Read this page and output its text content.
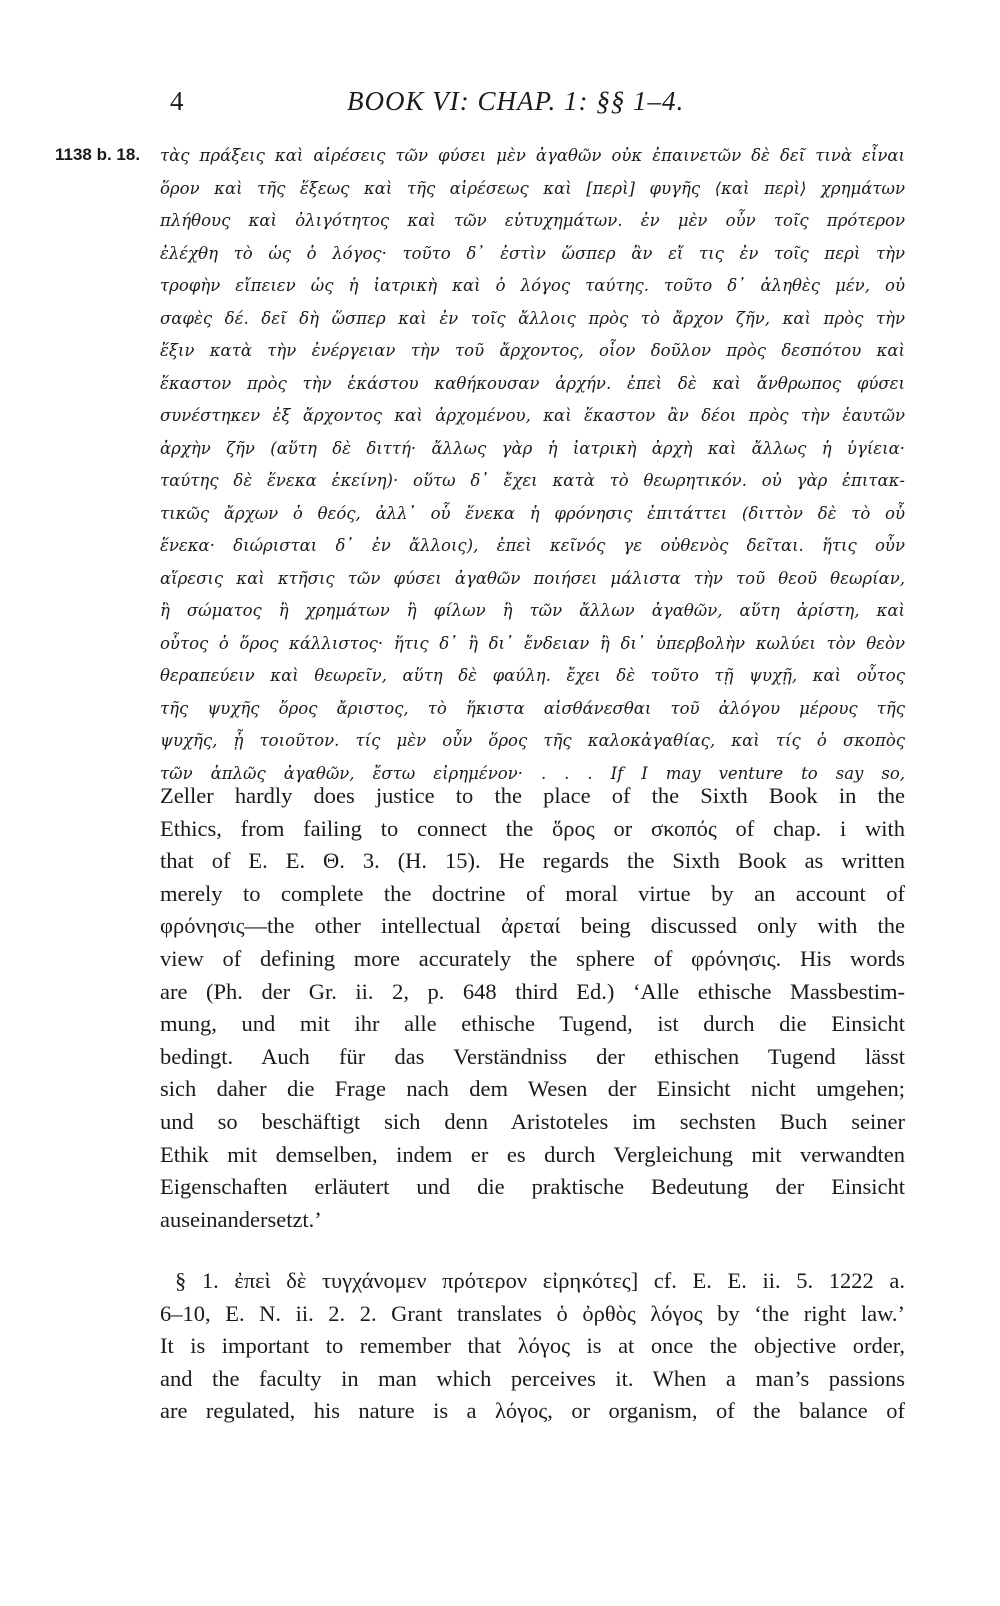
4	BOOK VI: CHAP. 1: §§ 1–4.
1138 b. 18. τὰς πράξεις καὶ αἱρέσεις τῶν φύσει μὲν ἀγαθῶν οὐκ ἐπαινετῶν δὲ δεῖ τινὰ εἶναι
ὅρον καὶ τῆς ἕξεως καὶ τῆς αἱρέσεως καὶ [περὶ] φυγῆς ⟨καὶ περὶ⟩ χρημάτων
πλήθους καὶ ὀλιγότητος καὶ τῶν εὐτυχημάτων. ἐν μὲν οὖν τοῖς πρότερον
ἐλέχθη τὸ ὡς ὁ λόγος· τοῦτο δ᾽ ἐστὶν ὥσπερ ἂν εἴ τις ἐν τοῖς περὶ τὴν
τροφὴν εἴπειεν ὡς ἡ ἰατρικὴ καὶ ὁ λόγος ταύτης. τοῦτο δ᾽ ἀληθὲς μέν, οὐ
σαφὲς δέ. δεῖ δὴ ὥσπερ καὶ ἐν τοῖς ἄλλοις πρὸς τὸ ἄρχον ζῆν, καὶ πρὸς τὴν
ἕξιν κατὰ τὴν ἐνέργειαν τὴν τοῦ ἄρχοντος, οἷον δοῦλον πρὸς δεσπότου καὶ
ἕκαστον πρὸς τὴν ἑκάστου καθήκουσαν ἀρχήν. ἐπεὶ δὲ καὶ ἄνθρωπος φύσει
συνέστηκεν ἐξ ἄρχοντος καὶ ἀρχομένου, καὶ ἕκαστον ἂν δέοι πρὸς τὴν ἑαυτῶν
ἀρχὴν ζῆν (αὕτη δὲ διττή· ἄλλως γὰρ ἡ ἰατρικὴ ἀρχὴ καὶ ἄλλως ἡ ὑγίεια·
ταύτης δὲ ἕνεκα ἐκείνη)· οὕτω δ᾽ ἔχει κατὰ τὸ θεωρητικόν. οὐ γὰρ ἐπιτακ-
τικῶς ἄρχων ὁ θεός, ἀλλ᾽ οὗ ἕνεκα ἡ φρόνησις ἐπιτάττει (διττὸν δὲ τὸ οὗ
ἕνεκα· διώρισται δ᾽ ἐν ἄλλοις), ἐπεὶ κεῖνός γε οὐθενὸς δεῖται. ἥτις οὖν
αἵρεσις καὶ κτῆσις τῶν φύσει ἀγαθῶν ποιήσει μάλιστα τὴν τοῦ θεοῦ θεωρίαν,
ἢ σώματος ἢ χρημάτων ἢ φίλων ἢ τῶν ἄλλων ἀγαθῶν, αὕτη ἀρίστη, καὶ
οὗτος ὁ ὅρος κάλλιστος· ἥτις δ᾽ ἢ δι᾽ ἔνδειαν ἢ δι᾽ ὑπερβολὴν κωλύει τὸν θεὸν
θεραπεύειν καὶ θεωρεῖν, αὕτη δὲ φαύλη. ἔχει δὲ τοῦτο τῇ ψυχῇ, καὶ οὗτος
τῆς ψυχῆς ὅρος ἄριστος, τὸ ἥκιστα αἰσθάνεσθαι τοῦ ἀλόγου μέρους τῆς
ψυχῆς, ᾗ τοιοῦτον. τίς μὲν οὖν ὅρος τῆς καλοκἀγαθίας, καὶ τίς ὁ σκοπὸς
τῶν ἁπλῶς ἀγαθῶν, ἔστω εἰρημένον· . . . If I may venture to say so,
Zeller hardly does justice to the place of the Sixth Book in the
Ethics, from failing to connect the ὅρος or σκοπός of chap. i with
that of E. E. Θ. 3. (H. 15). He regards the Sixth Book as written
merely to complete the doctrine of moral virtue by an account of
φρόνησις—the other intellectual ἀρεταί being discussed only with the
view of defining more accurately the sphere of φρόνησις. His words
are (Ph. der Gr. ii. 2, p. 648 third Ed.) ‘Alle ethische Massbestim-
mung, und mit ihr alle ethische Tugend, ist durch die Einsicht
bedingt. Auch für das Verständniss der ethischen Tugend lässt
sich daher die Frage nach dem Wesen der Einsicht nicht umgehen;
und so beschäftigt sich denn Aristoteles im sechsten Buch seiner
Ethik mit demselben, indem er es durch Vergleichung mit verwandten
Eigenschaften erläutert und die praktische Bedeutung der Einsicht
auseinandersetzt.’
§ 1. ἐπεὶ δὲ τυγχάνομεν πρότερον εἰρηκότες] cf. E. E. ii. 5. 1222 a.
6–10, E. N. ii. 2. 2. Grant translates ὁ ὀρθὸς λόγος by ‘the right law.’
It is important to remember that λόγος is at once the objective order,
and the faculty in man which perceives it. When a man’s passions
are regulated, his nature is a λόγος, or organism, of the balance of
